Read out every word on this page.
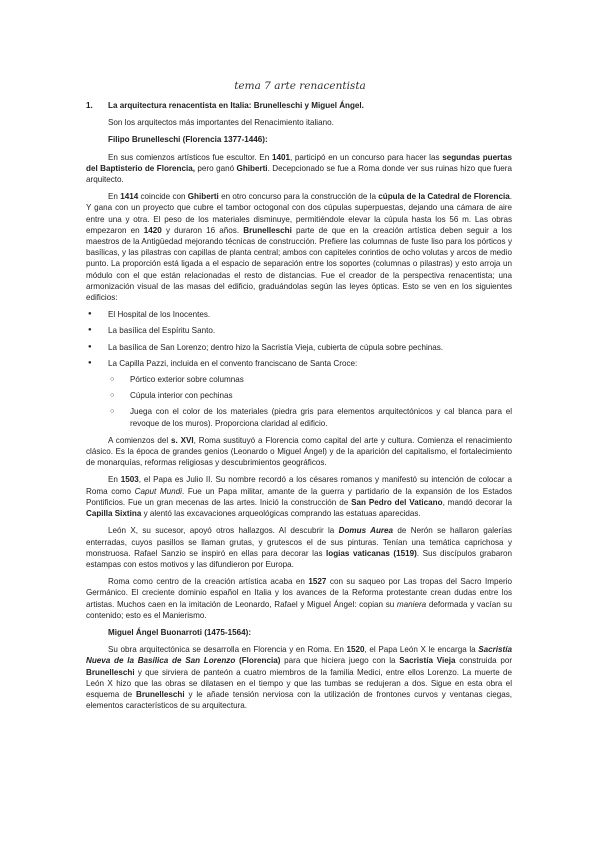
tema 7 arte renacentista
1.	La arquitectura renacentista en Italia: Brunelleschi y Miguel Ángel.

Son los arquitectos más importantes del Renacimiento italiano.

Filipo Brunelleschi (Florencia 1377-1446):

En sus comienzos artísticos fue escultor. En 1401, participó en un concurso para hacer las segundas puertas del Baptisterio de Florencia, pero ganó Ghiberti. Decepcionado se fue a Roma donde ver sus ruinas hizo que fuera arquitecto.

En 1414 coincide con Ghiberti en otro concurso para la construcción de la cúpula de la Catedral de Florencia. Y gana con un proyecto que cubre el tambor octogonal con dos cúpulas superpuestas, dejando una cámara de aire entre una y otra. El peso de los materiales disminuye, permitiéndole elevar la cúpula hasta los 56 m. Las obras empezaron en 1420 y duraron 16 años. Brunelleschi parte de que en la creación artística deben seguir a los maestros de la Antigüedad mejorando técnicas de construcción. Prefiere las columnas de fuste liso para los pórticos y basílicas, y las pilastras con capillas de planta central; ambos con capiteles corintios de ocho volutas y arcos de medio punto. La proporción está ligada a el espacio de separación entre los soportes (columnas o pilastras) y esto arroja un módulo con el que están relacionadas el resto de distancias. Fue el creador de la perspectiva renacentista; una armonización visual de las masas del edificio, graduándolas según las leyes ópticas. Esto se ven en los siguientes edificios:

● El Hospital de los Inocentes.
● La basílica del Espíritu Santo.
● La basílica de San Lorenzo; dentro hizo la Sacristía Vieja, cubierta de cúpula sobre pechinas.
● La Capilla Pazzi, incluida en el convento franciscano de Santa Croce:
○ Pórtico exterior sobre columnas
○ Cúpula interior con pechinas
○ Juega con el color de los materiales (piedra gris para elementos arquitectónicos y cal blanca para el revoque de los muros). Proporciona claridad al edificio.

A comienzos del s. XVI, Roma sustituyó a Florencia como capital del arte y cultura. Comienza el renacimiento clásico. Es la época de grandes genios (Leonardo o Miguel Ángel) y de la aparición del capitalismo, el fortalecimiento de monarquías, reformas religiosas y descubrimientos geográficos.

En 1503, el Papa es Julio II. Su nombre recordó a los césares romanos y manifestó su intención de colocar a Roma como Caput Mundi. Fue un Papa militar, amante de la guerra y partidario de la expansión de los Estados Pontificios. Fue un gran mecenas de las artes. Inició la construcción de San Pedro del Vaticano, mandó decorar la Capilla Sixtina y alentó las excavaciones arqueológicas comprando las estatuas aparecidas.

León X, su sucesor, apoyó otros hallazgos. Al descubrir la Domus Aurea de Nerón se hallaron galerías enterradas, cuyos pasillos se llaman grutas, y grutescos el de sus pinturas. Tenían una temática caprichosa y monstruosa. Rafael Sanzio se inspiró en ellas para decorar las logias vaticanas (1519). Sus discípulos grabaron estampas con estos motivos y las difundieron por Europa.

Roma como centro de la creación artística acaba en 1527 con su saqueo por Las tropas del Sacro Imperio Germánico. El creciente dominio español en Italia y los avances de la Reforma protestante crean dudas entre los artistas. Muchos caen en la imitación de Leonardo, Rafael y Miguel Ángel: copian su maniera deformada y vacían su contenido; esto es el Manierismo.

Miguel Ángel Buonarroti (1475-1564):

Su obra arquitectónica se desarrolla en Florencia y en Roma. En 1520, el Papa León X le encarga la Sacristía Nueva de la Basílica de San Lorenzo (Florencia) para que hiciera juego con la Sacristía Vieja construida por Brunelleschi y que sirviera de panteón a cuatro miembros de la familia Medici, entre ellos Lorenzo. La muerte de León X hizo que las obras se dilatasen en el tiempo y que las tumbas se redujeran a dos. Sigue en esta obra el esquema de Brunelleschi y le añade tensión nerviosa con la utilización de frontones curvos y ventanas ciegas, elementos característicos de su arquitectura.
